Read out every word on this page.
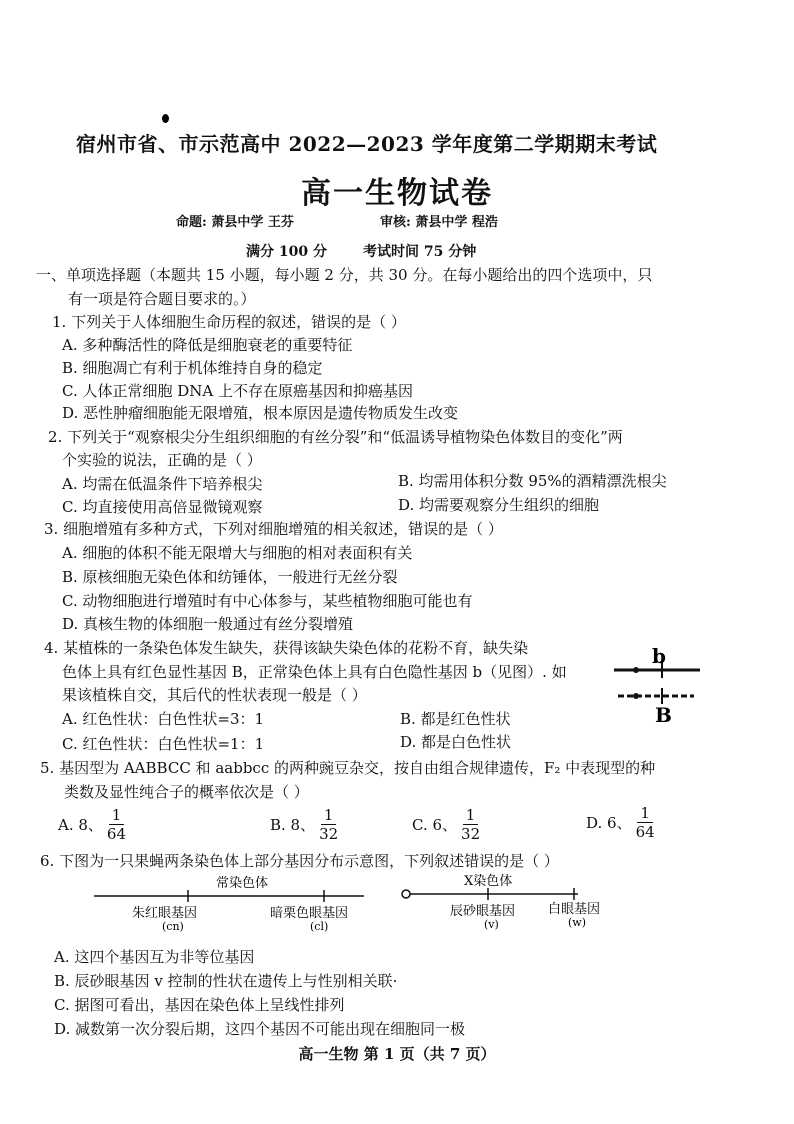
宿州市省、市示范高中 2022—2023 学年度第二学期期末考试
高一生物试卷
命题: 萧县中学 王芬	审核: 萧县中学 程浩
满分 100 分	考试时间 75 分钟
一、单项选择题（本题共 15 小题，每小题 2 分，共 30 分。在每小题给出的四个选项中，只
有一项是符合题目要求的。）
1. 下列关于人体细胞生命历程的叙述，错误的是（ ）
A. 多种酶活性的降低是细胞衰老的重要特征
B. 细胞凋亡有利于机体维持自身的稳定
C. 人体正常细胞 DNA 上不存在原癌基因和抑癌基因
D. 恶性肿瘤细胞能无限增殖，根本原因是遗传物质发生改变
2. 下列关于“观察根尖分生组织细胞的有丝分裂”和“低温诱导植物染色体数目的变化”两
个实验的说法，正确的是（ ）
A. 均需在低温条件下培养根尖	B. 均需用体积分数 95%的酒精漂洗根尖
C. 均直接使用高倍显微镜观察	D. 均需要观察分生组织的细胞
3. 细胞增殖有多种方式，下列对细胞增殖的相关叙述，错误的是（ ）
A. 细胞的体积不能无限增大与细胞的相对表面积有关
B. 原核细胞无染色体和纺锤体，一般进行无丝分裂
C. 动物细胞进行增殖时有中心体参与，某些植物细胞可能也有
D. 真核生物的体细胞一般通过有丝分裂增殖
4. 某植株的一条染色体发生缺失，获得该缺失染色体的花粉不育，缺失染
色体上具有红色显性基因 B，正常染色体上具有白色隐性基因 b（见图）. 如
果该植株自交，其后代的性状表现一般是（ ）
A. 红色性状：白色性状=3：1	B. 都是红色性状
C. 红色性状：白色性状=1：1	D. 都是白色性状
b
B
5. 基因型为 AABBCC 和 aabbcc 的两种豌豆杂交，按自由组合规律遗传，F₂ 中表现型的种
类数及显性纯合子的概率依次是（ ）
A. 8、 $\frac{1}{64}$	B. 8、 $\frac{1}{32}$	C. 6、 $\frac{1}{32}$	D. 6、 $\frac{1}{64}$
6. 下图为一只果蝇两条染色体上部分基因分布示意图，下列叙述错误的是（ ）
常染色体
朱红眼基因
(cn)
暗栗色眼基因
(cl)
X染色体
辰砂眼基因
(v)
白眼基因
(w)
A. 这四个基因互为非等位基因
B. 辰砂眼基因 v 控制的性状在遗传上与性别相关联·
C. 据图可看出，基因在染色体上呈线性排列
D. 减数第一次分裂后期，这四个基因不可能出现在细胞同一极
高一生物 第 1 页（共 7 页）
